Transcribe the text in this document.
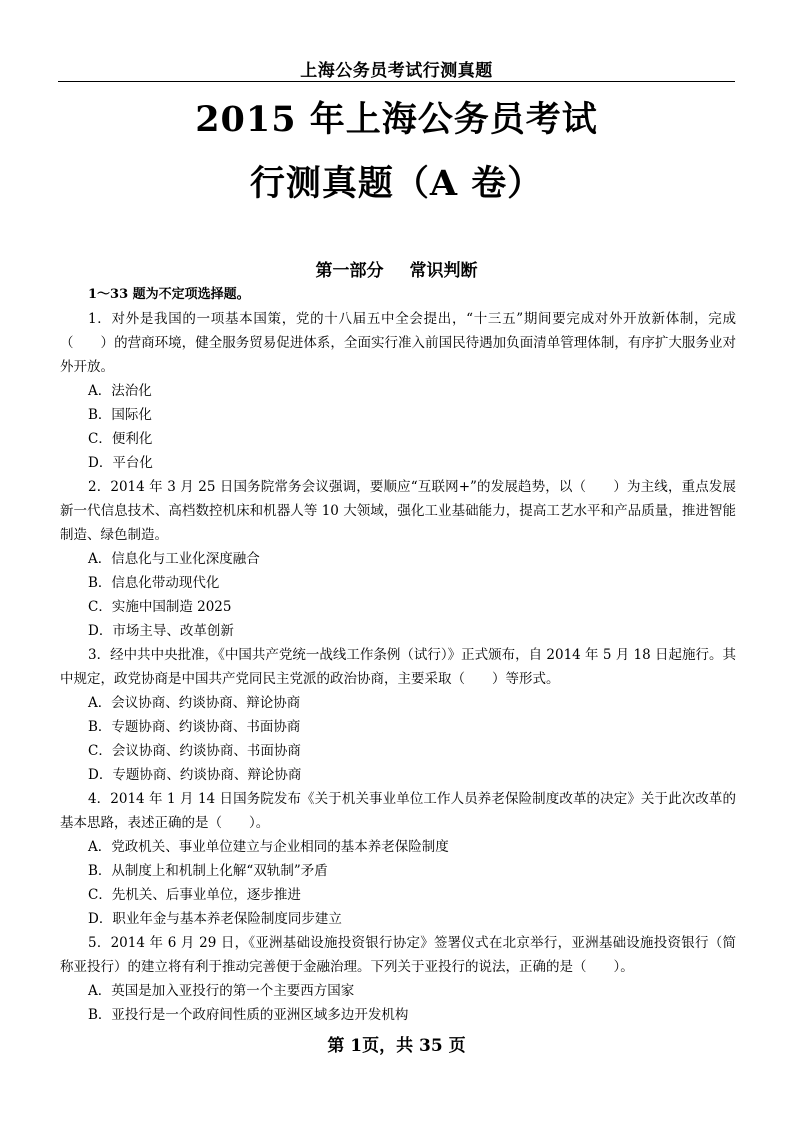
上海公务员考试行测真题
2015 年上海公务员考试
行测真题（A 卷）
第一部分 常识判断

1～33 题为不定项选择题。

1．对外是我国的一项基本国策，党的十八届五中全会提出，“十三五”期间要完成对外开放新体制，完成（　　）的营商环境，健全服务贸易促进体系，全面实行准入前国民待遇加负面清单管理体制，有序扩大服务业对外开放。

A．法治化

B．国际化

C．便利化

D．平台化

2．2014 年 3 月 25 日国务院常务会议强调，要顺应“互联网+”的发展趋势，以（　　）为主线，重点发展新一代信息技术、高档数控机床和机器人等 10 大领域，强化工业基础能力，提高工艺水平和产品质量，推进智能制造、绿色制造。

A．信息化与工业化深度融合

B．信息化带动现代化

C．实施中国制造 2025

D．市场主导、改革创新

3．经中共中央批准，《中国共产党统一战线工作条例（试行）》正式颁布，自 2014 年 5 月 18 日起施行。其中规定，政党协商是中国共产党同民主党派的政治协商，主要采取（　　）等形式。

A．会议协商、约谈协商、辩论协商

B．专题协商、约谈协商、书面协商

C．会议协商、约谈协商、书面协商

D．专题协商、约谈协商、辩论协商

4．2014 年 1 月 14 日国务院发布《关于机关事业单位工作人员养老保险制度改革的决定》关于此次改革的基本思路，表述正确的是（　　）。

A．党政机关、事业单位建立与企业相同的基本养老保险制度

B．从制度上和机制上化解“双轨制”矛盾

C．先机关、后事业单位，逐步推进

D．职业年金与基本养老保险制度同步建立

5．2014 年 6 月 29 日，《亚洲基础设施投资银行协定》签署仪式在北京举行，亚洲基础设施投资银行（简称亚投行）的建立将有利于推动完善便于金融治理。下列关于亚投行的说法，正确的是（　　）。

A．英国是加入亚投行的第一个主要西方国家

B．亚投行是一个政府间性质的亚洲区域多边开发机构

第 1页，共 35 页
